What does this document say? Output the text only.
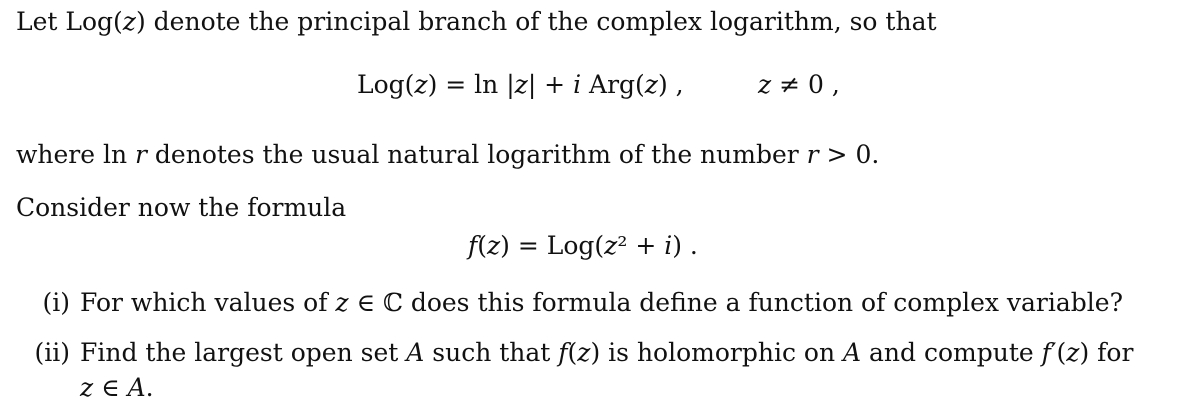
Let Log(𝑧) denote the principal branch of the complex logarithm, so that
Log(𝑧) = ln |𝑧| + 𝑖 Arg(𝑧) ,	𝑧 ≠ 0 ,
where ln 𝑟 denotes the usual natural logarithm of the number 𝑟 > 0.
Consider now the formula
𝑓(𝑧) = Log(𝑧² + 𝑖) .
(i) For which values of 𝑧 ∈ ℂ does this formula define a function of complex variable?
(ii) Find the largest open set 𝐴 such that 𝑓(𝑧) is holomorphic on 𝐴 and compute 𝑓′(𝑧) for
𝑧 ∈ 𝐴.
